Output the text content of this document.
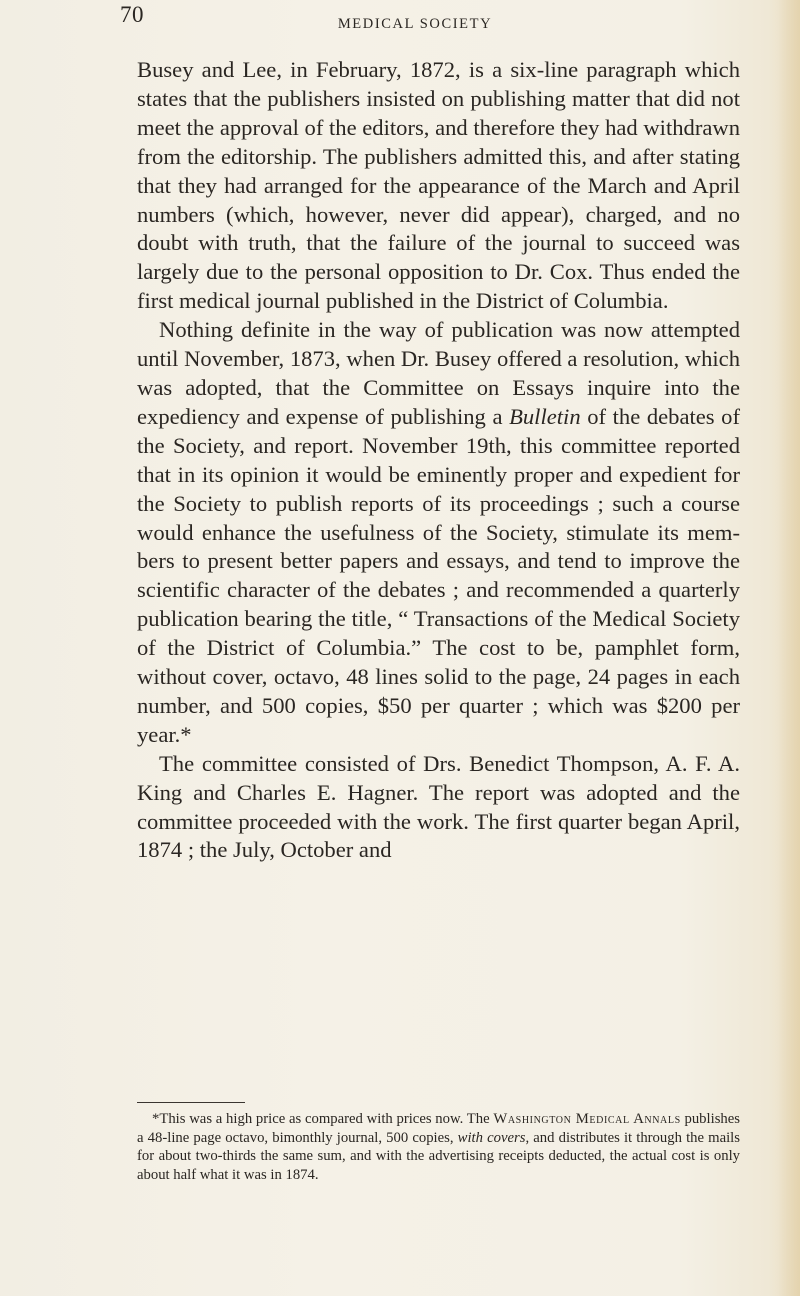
70	MEDICAL SOCIETY

Busey and Lee, in February, 1872, is a six-line paragraph which states that the publishers insisted on publishing matter that did not meet the approval of the editors, and therefore they had withdrawn from the editorship. The publishers admitted this, and after stating that they had arranged for the appearance of the March and April numbers (which, however, never did appear), charged, and no doubt with truth, that the failure of the journal to succeed was largely due to the personal opposition to Dr. Cox. Thus ended the first medical journal published in the District of Columbia.

Nothing definite in the way of publication was now attempted until November, 1873, when Dr. Busey offered a resolution, which was adopted, that the Committee on Essays inquire into the expediency and expense of publishing a Bulletin of the debates of the Society, and report. November 19th, this committee reported that in its opinion it would be eminently proper and expedient for the Society to publish reports of its proceedings ; such a course would enhance the usefulness of the Society, stimulate its members to present better papers and essays, and tend to improve the scientific character of the debates ; and recommended a quarterly publication bearing the title, “ Transactions of the Medical Society of the District of Columbia.” The cost to be, pamphlet form, without cover, octavo, 48 lines solid to the page, 24 pages in each number, and 500 copies, $50 per quarter ; which was $200 per year.*

The committee consisted of Drs. Benedict Thompson, A. F. A. King and Charles E. Hagner. The report was adopted and the committee proceeded with the work. The first quarter began April, 1874 ; the July, October and

*This was a high price as compared with prices now. The Washington Medical Annals publishes a 48-line page octavo, bimonthly journal, 500 copies, with covers, and distributes it through the mails for about two-thirds the same sum, and with the advertising receipts deducted, the actual cost is only about half what it was in 1874.
